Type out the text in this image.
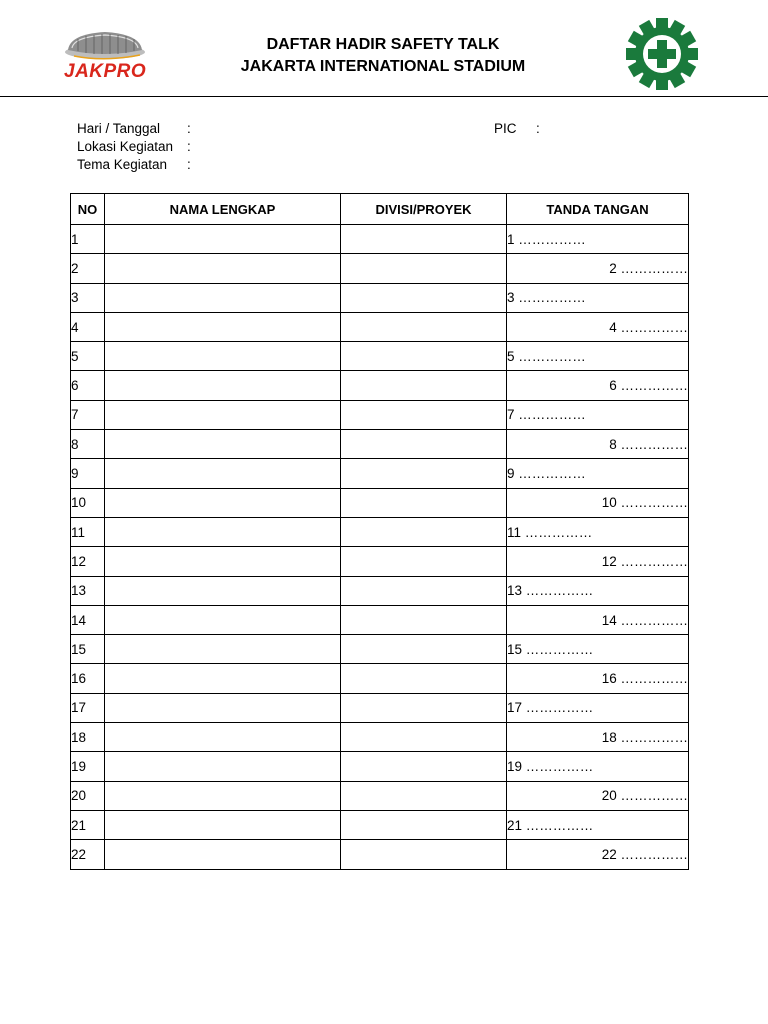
JAKPRO
DAFTAR HADIR SAFETY TALK
JAKARTA INTERNATIONAL STADIUM
Hari / Tanggal :
Lokasi Kegiatan :
Tema Kegiatan :
PIC :
NO	NAMA LENGKAP	DIVISI/PROYEK	TANDA TANGAN
1			1 ……………
2			2 ……………
3			3 ……………
4			4 ……………
5			5 ……………
6			6 ……………
7			7 ……………
8			8 ……………
9			9 ……………
10			10 ……………
11			11 ……………
12			12 ……………
13			13 ……………
14			14 ……………
15			15 ……………
16			16 ……………
17			17 ……………
18			18 ……………
19			19 ……………
20			20 ……………
21			21 ……………
22			22 ……………
